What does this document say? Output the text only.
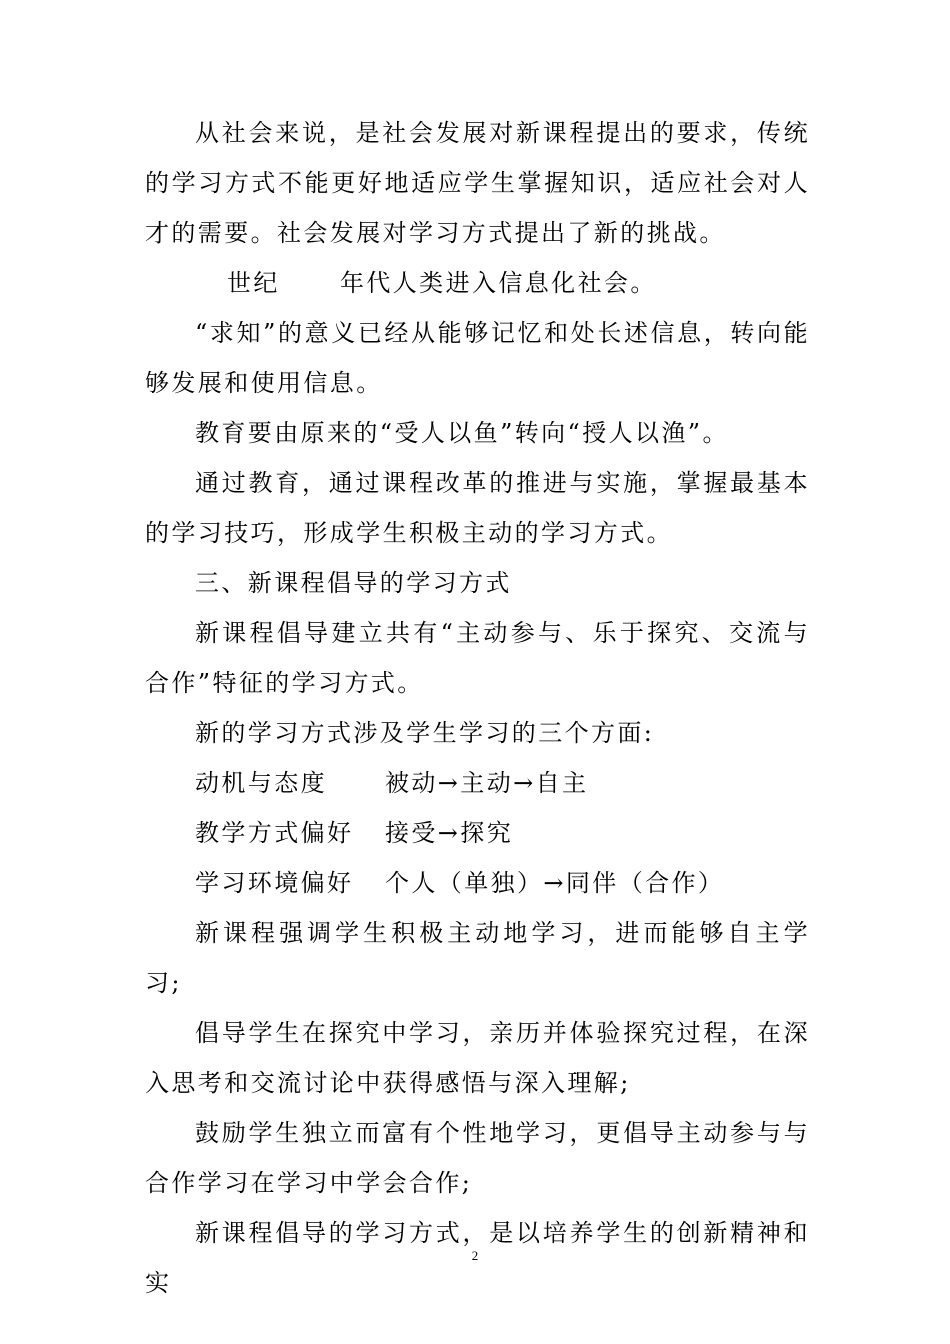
从社会来说，是社会发展对新课程提出的要求，传统的学习方式不能更好地适应学生掌握知识，适应社会对人才的需要。社会发展对学习方式提出了新的挑战。

世纪      年代人类进入信息化社会。

“求知”的意义已经从能够记忆和处长述信息，转向能够发展和使用信息。

教育要由原来的“受人以鱼”转向“授人以渔”。

通过教育，通过课程改革的推进与实施，掌握最基本的学习技巧，形成学生积极主动的学习方式。

三、新课程倡导的学习方式

新课程倡导建立共有“主动参与、乐于探究、交流与合作”特征的学习方式。

新的学习方式涉及学生学习的三个方面:

动机与态度 被动→主动→自主
教学方式偏好 接受→探究
学习环境偏好 个人（单独）→同伴（合作）

新课程强调学生积极主动地学习，进而能够自主学习;

倡导学生在探究中学习，亲历并体验探究过程，在深入思考和交流讨论中获得感悟与深入理解;

鼓励学生独立而富有个性地学习，更倡导主动参与与合作学习在学习中学会合作;

新课程倡导的学习方式，是以培养学生的创新精神和实

2
